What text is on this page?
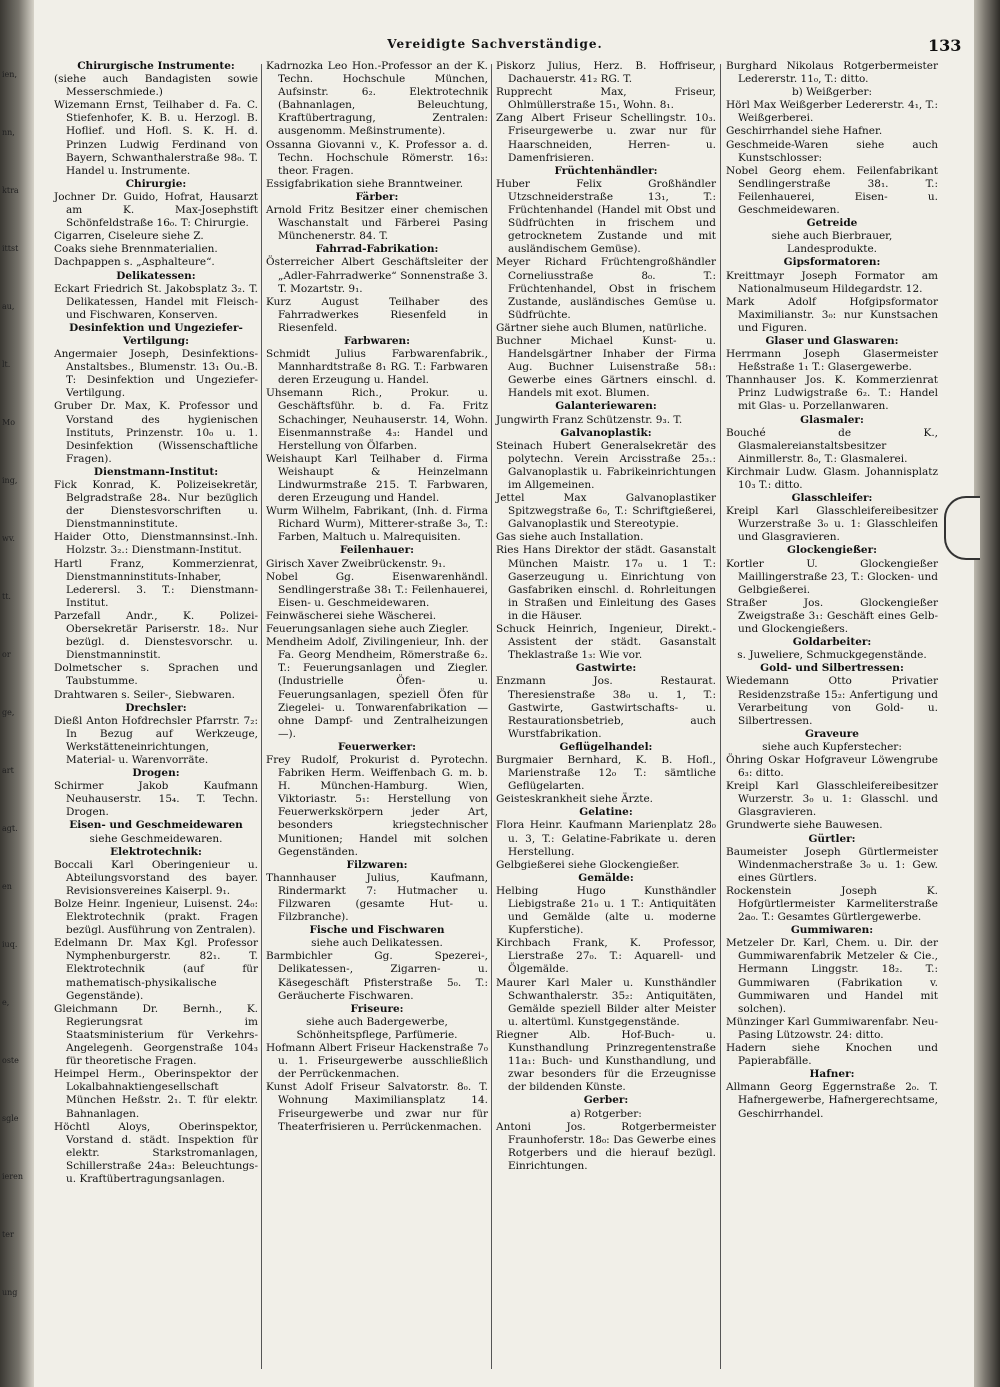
ien,
nn,
ktra
ittst
au,
lt.
Mo
ing,
wv.
tt.
or
ge,
art
agt.
en
iuq.
e,
oste
sgle
ieren
ter
ung
Vereidigte Sachverständige.	133

Chirurgische Instrumente:

(siehe auch Bandagisten sowie Messerschmiede.)

Wizemann Ernst, Teilhaber d. Fa. C. Stiefenhofer, K. B. u. Herzogl. B. Hoflief. und Hofl. S. K. H. d. Prinzen Ludwig Ferdinand von Bayern, Schwanthalerstraße 98₀. T. Handel u. Instrumente.

Chirurgie:

Jochner Dr. Guido, Hofrat, Hausarzt am K. Max-Josephstift Schönfeldstraße 16₀. T: Chirurgie.

Cigarren, Ciseleure siehe Z.

Coaks siehe Brennmaterialien.

Dachpappen s. „Asphalteure“.

Delikatessen:

Eckart Friedrich St. Jakobsplatz 3₂. T. Delikatessen, Handel mit Fleisch- und Fischwaren, Konserven.

Desinfektion und Ungeziefer-Vertilgung:

Angermaier Joseph, Desinfektions-Anstaltsbes., Blumenstr. 13₁ Ou.-B. T: Desinfektion und Ungeziefer-Vertilgung.

Gruber Dr. Max, K. Professor und Vorstand des hygienischen Instituts, Prinzenstr. 10₀ u. 1. Desinfektion (Wissenschaftliche Fragen).

Dienstmann-Institut:

Fick Konrad, K. Polizeisekretär, Belgradstraße 28₄. Nur bezüglich der Dienstesvorschriften u. Dienstmanninstitute.

Haider Otto, Dienstmannsinst.-Inh. Holzstr. 3₂.: Dienstmann-Institut.

Hartl Franz, Kommerzienrat, Dienstmanninstituts-Inhaber, Lederersl. 3. T.: Dienstmann-Institut.

Parzefall Andr., K. Polizei-Obersekretär Pariserstr. 18₂. Nur bezügl. d. Dienstesvorschr. u. Dienstmanninstit.

Dolmetscher s. Sprachen und Taubstumme.

Drahtwaren s. Seiler-, Siebwaren.

Drechsler:

Dießl Anton Hofdrechsler Pfarrstr. 7₂: In Bezug auf Werkzeuge, Werkstätteneinrichtungen, Material- u. Warenvorräte.

Drogen:

Schirmer Jakob Kaufmann Neuhauserstr. 15₄. T. Techn. Drogen.

Eisen- und Geschmeidewaren

siehe Geschmeidewaren.

Elektrotechnik:

Boccali Karl Oberingenieur u. Abteilungsvorstand des bayer. Revisionsvereines Kaiserpl. 9₁.

Bolze Heinr. Ingenieur, Luisenst. 24₀: Elektrotechnik (prakt. Fragen bezügl. Ausführung von Zentralen).

Edelmann Dr. Max Kgl. Professor Nymphenburgerstr. 82₁. T. Elektrotechnik (auf für mathematisch-physikalische Gegenstände).

Gleichmann Dr. Bernh., K. Regierungsrat im Staatsministerium für Verkehrs-Angelegenh. Georgenstraße 104₃ für theoretische Fragen.

Heimpel Herm., Oberinspektor der Lokalbahnaktiengesellschaft München Heßstr. 2₁. T. für elektr. Bahnanlagen.

Höchtl Aloys, Oberinspektor, Vorstand d. städt. Inspektion für elektr. Starkstromanlagen, Schillerstraße 24a₃: Beleuchtungs- u. Kraftübertragungsanlagen.

Kadrnozka Leo Hon.-Professor an der K. Techn. Hochschule München, Aufsinstr. 6₂. Elektrotechnik (Bahnanlagen, Beleuchtung, Kraftübertragung, Zentralen: ausgenomm. Meßinstrumente).

Ossanna Giovanni v., K. Professor a. d. Techn. Hochschule Römerstr. 16₃: theor. Fragen.

Essigfabrikation siehe Branntweiner.

Färber:

Arnold Fritz Besitzer einer chemischen Waschanstalt und Färberei Pasing Münchenerstr. 84. T.

Fahrrad-Fabrikation:

Österreicher Albert Geschäftsleiter der „Adler-Fahrradwerke“ Sonnenstraße 3. T. Mozartstr. 9₁.

Kurz August Teilhaber des Fahrradwerkes Riesenfeld in Riesenfeld.

Farbwaren:

Schmidt Julius Farbwarenfabrik., Mannhardtstraße 8₁ RG. T.: Farbwaren deren Erzeugung u. Handel.

Uhsemann Rich., Prokur. u. Geschäftsführ. b. d. Fa. Fritz Schachinger, Neuhauserstr. 14, Wohn. Eisenmannstraße 4₃: Handel und Herstellung von Ölfarben.

Weishaupt Karl Teilhaber d. Firma Weishaupt & Heinzelmann Lindwurmstraße 215. T. Farbwaren, deren Erzeugung und Handel.

Wurm Wilhelm, Fabrikant, (Inh. d. Firma Richard Wurm), Mitterer-straße 3₀, T.: Farben, Maltuch u. Malrequisiten.

Feilenhauer:

Girisch Xaver Zweibrückenstr. 9₁.

Nobel Gg. Eisenwarenhändl. Sendlingerstraße 38₁ T.: Feilenhauerei, Eisen- u. Geschmeidewaren.

Feinwäscherei siehe Wäscherei.

Feuerungsanlagen siehe auch Ziegler.

Mendheim Adolf, Zivilingenieur, Inh. der Fa. Georg Mendheim, Römerstraße 6₂. T.: Feuerungsanlagen und Ziegler. (Industrielle Öfen- u. Feuerungsanlagen, speziell Öfen für Ziegelei- u. Tonwarenfabrikation — ohne Dampf- und Zentralheizungen —).

Feuerwerker:

Frey Rudolf, Prokurist d. Pyrotechn. Fabriken Herm. Weiffenbach G. m. b. H. München-Hamburg. Wien, Viktoriastr. 5₁: Herstellung von Feuerwerkskörpern jeder Art, besonders kriegstechnischer Munitionen; Handel mit solchen Gegenständen.

Filzwaren:

Thannhauser Julius, Kaufmann, Rindermarkt 7: Hutmacher u. Filzwaren (gesamte Hut- u. Filzbranche).

Fische und Fischwaren

siehe auch Delikatessen.

Barmbichler Gg. Spezerei-, Delikatessen-, Zigarren- u. Käsegeschäft Pfisterstraße 5₀. T.: Geräucherte Fischwaren.

Friseure:

siehe auch Badergewerbe, Schönheitspflege, Parfümerie.

Hofmann Albert Friseur Hackenstraße 7₀ u. 1. Friseurgewerbe ausschließlich der Perrückenmachen.

Kunst Adolf Friseur Salvatorstr. 8₀. T. Wohnung Maximiliansplatz 14. Friseurgewerbe und zwar nur für Theaterfrisieren u. Perrückenmachen.

Piskorz Julius, Herz. B. Hoffriseur, Dachauerstr. 41₂ RG. T.

Rupprecht Max, Friseur, Ohlmüllerstraße 15₁, Wohn. 8₁.

Zang Albert Friseur Schellingstr. 10₃. Friseurgewerbe u. zwar nur für Haarschneiden, Herren- u. Damenfrisieren.

Früchtenhändler:

Huber Felix Großhändler Utzschneiderstraße 13₁, T.: Früchtenhandel (Handel mit Obst und Südfrüchten in frischem und getrocknetem Zustande und mit ausländischem Gemüse).

Meyer Richard Früchtengroßhändler Corneliusstraße 8₀. T.: Früchtenhandel, Obst in frischem Zustande, ausländisches Gemüse u. Südfrüchte.

Gärtner siehe auch Blumen, natürliche.

Buchner Michael Kunst- u. Handelsgärtner Inhaber der Firma Aug. Buchner Luisenstraße 58₁: Gewerbe eines Gärtners einschl. d. Handels mit exot. Blumen.

Galanteriewaren:

Jungwirth Franz Schützenstr. 9₃. T.

Galvanoplastik:

Steinach Hubert Generalsekretär des polytechn. Verein Arcisstraße 25₃.: Galvanoplastik u. Fabrikeinrichtungen im Allgemeinen.

Jettel Max Galvanoplastiker Spitzwegstraße 6₀, T.: Schriftgießerei, Galvanoplastik und Stereotypie.

Gas siehe auch Installation.

Ries Hans Direktor der städt. Gasanstalt München Maistr. 17₀ u. 1 T.: Gaserzeugung u. Einrichtung von Gasfabriken einschl. d. Rohrleitungen in Straßen und Einleitung des Gases in die Häuser.

Schuck Heinrich, Ingenieur, Direkt.-Assistent der städt. Gasanstalt Theklastraße 1₃: Wie vor.

Gastwirte:

Enzmann Jos. Restaurat. Theresienstraße 38₀ u. 1, T.: Gastwirte, Gastwirtschafts- u. Restaurationsbetrieb, auch Wurstfabrikation.

Geflügelhandel:

Burgmaier Bernhard, K. B. Hofl., Marienstraße 12₀ T.: sämtliche Geflügelarten.

Geisteskrankheit siehe Ärzte.

Gelatine:

Flora Heinr. Kaufmann Marienplatz 28₀ u. 3, T.: Gelatine-Fabrikate u. deren Herstellung.

Gelbgießerei siehe Glockengießer.

Gemälde:

Helbing Hugo Kunsthändler Liebigstraße 21₀ u. 1 T.: Antiquitäten und Gemälde (alte u. moderne Kupferstiche).

Kirchbach Frank, K. Professor, Lierstraße 27₀. T.: Aquarell- und Ölgemälde.

Maurer Karl Maler u. Kunsthändler Schwanthalerstr. 35₂: Antiquitäten, Gemälde speziell Bilder alter Meister u. altertüml. Kunstgegenstände.

Riegner Alb. Hof-Buch- u. Kunsthandlung Prinzregentenstraße 11a₁: Buch- und Kunsthandlung, und zwar besonders für die Erzeugnisse der bildenden Künste.

Gerber:

a) Rotgerber:

Antoni Jos. Rotgerbermeister Fraunhoferstr. 18₀: Das Gewerbe eines Rotgerbers und die hierauf bezügl. Einrichtungen.

Burghard Nikolaus Rotgerbermeister Ledererstr. 11₀, T.: ditto.

b) Weißgerber:

Hörl Max Weißgerber Ledererstr. 4₁, T.: Weißgerberei.

Geschirrhandel siehe Hafner.

Geschmeide-Waren siehe auch Kunstschlosser:

Nobel Georg ehem. Feilenfabrikant Sendlingerstraße 38₁. T.: Feilenhauerei, Eisen- u. Geschmeidewaren.

Getreide

siehe auch Bierbrauer, Landesprodukte.

Gipsformatoren:

Kreittmayr Joseph Formator am Nationalmuseum Hildegardstr. 12.

Mark Adolf Hofgipsformator Maximilianstr. 3₀: nur Kunstsachen und Figuren.

Glaser und Glaswaren:

Herrmann Joseph Glasermeister Heßstraße 1₁ T.: Glasergewerbe.

Thannhauser Jos. K. Kommerzienrat Prinz Ludwigstraße 6₂. T.: Handel mit Glas- u. Porzellanwaren.

Glasmaler:

Bouché de K., Glasmalereianstaltsbesitzer Ainmillerstr. 8₀, T.: Glasmalerei.

Kirchmair Ludw. Glasm. Johannisplatz 10₃ T.: ditto.

Glasschleifer:

Kreipl Karl Glasschleifereibesitzer Wurzerstraße 3₀ u. 1: Glasschleifen und Glasgravieren.

Glockengießer:

Kortler U. Glockengießer Maillingerstraße 23, T.: Glocken- und Gelbgießerei.

Straßer Jos. Glockengießer Zweigstraße 3₁: Geschäft eines Gelb- und Glockengießers.

Goldarbeiter:

s. Juweliere, Schmuckgegenstände.

Gold- und Silbertressen:

Wiedemann Otto Privatier Residenzstraße 15₂: Anfertigung und Verarbeitung von Gold- u. Silbertressen.

Graveure

siehe auch Kupferstecher:

Öhring Oskar Hofgraveur Löwengrube 6₃: ditto.

Kreipl Karl Glasschleifereibesitzer Wurzerstr. 3₀ u. 1: Glasschl. und Glasgravieren.

Grundwerte siehe Bauwesen.

Gürtler:

Baumeister Joseph Gürtlermeister Windenmacherstraße 3₀ u. 1: Gew. eines Gürtlers.

Rockenstein Joseph K. Hofgürtlermeister Karmeliterstraße 2a₀. T.: Gesamtes Gürtlergewerbe.

Gummiwaren:

Metzeler Dr. Karl, Chem. u. Dir. der Gummiwarenfabrik Metzeler & Cie., Hermann Linggstr. 18₂. T.: Gummiwaren (Fabrikation v. Gummiwaren und Handel mit solchen).

Münzinger Karl Gummiwarenfabr. Neu-Pasing Lützowstr. 24: ditto.

Hadern siehe Knochen und Papierabfälle.

Hafner:

Allmann Georg Eggernstraße 2₀. T. Hafnergewerbe, Hafnergerechtsame, Geschirrhandel.
